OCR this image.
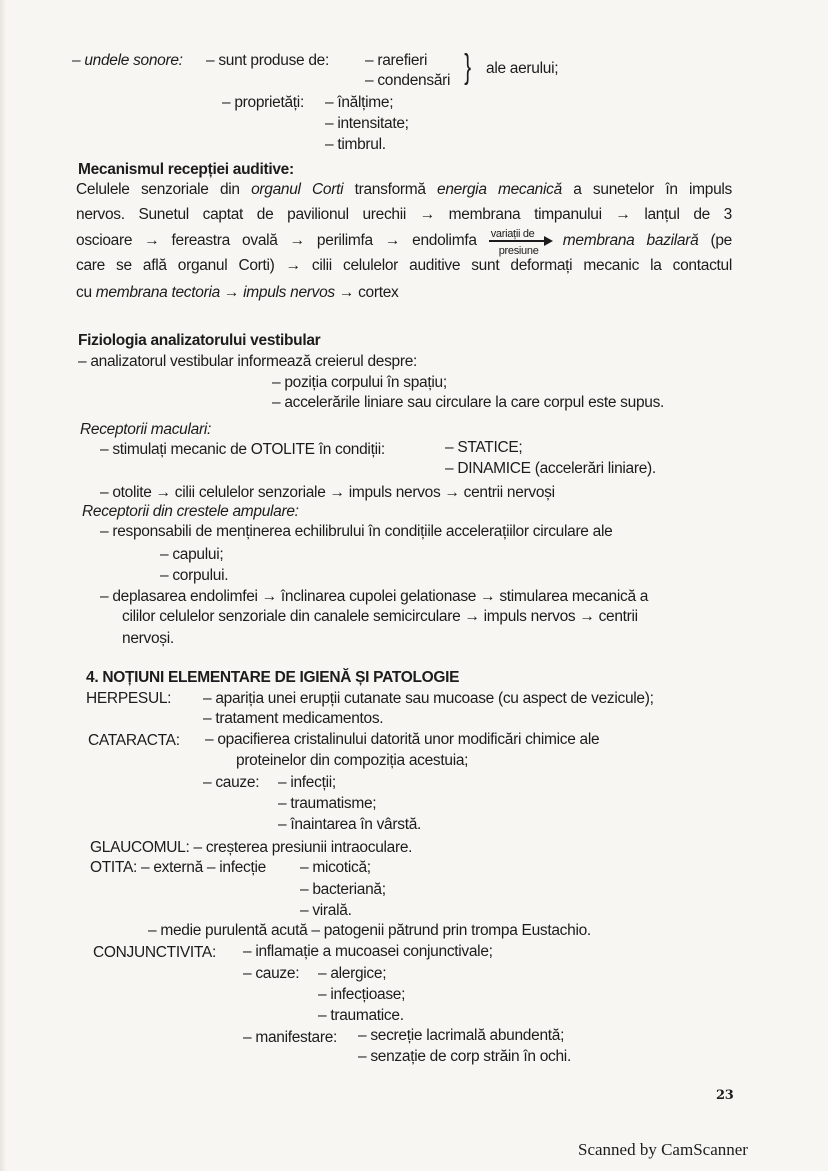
– undele sonore: – sunt produse de: – rarefieri
– condensări } ale aerului;
– proprietăți: – înălțime;
– intensitate;
– timbrul.
Mecanismul recepției auditive:
Celulele senzoriale din organul Corti transformă energia mecanică a sunetelor în impuls
nervos. Sunetul captat de pavilionul urechii → membrana timpanului → lanțul de 3
oscioare → fereastra ovală → perilimfa → endolimfa $\frac{\text{variații de}}{\text{presiune}}$ membrana bazilară (pe
care se află organul Corti) → cilii celulelor auditive sunt deformați mecanic la contactul
cu membrana tectoria → impuls nervos → cortex
Fiziologia analizatorului vestibular
– analizatorul vestibular informează creierul despre:
– poziția corpului în spațiu;
– accelerările liniare sau circulare la care corpul este supus.
Receptorii maculari:
– stimulați mecanic de OTOLITE în condiții:	– STATICE;
– DINAMICE (accelerări liniare).
– otolite → cilii celulelor senzoriale → impuls nervos → centrii nervoși
Receptorii din crestele ampulare:
– responsabili de menținerea echilibrului în condițiile accelerațiilor circulare ale
– capului;
– corpului.
– deplasarea endolimfei → înclinarea cupolei gelationase → stimularea mecanică a
cililor celulelor senzoriale din canalele semicirculare → impuls nervos → centrii
nervoși.
4. NOȚIUNI ELEMENTARE DE IGIENĂ ȘI PATOLOGIE
HERPESUL: – apariția unei erupții cutanate sau mucoase (cu aspect de vezicule);
– tratament medicamentos.
CATARACTA: – opacifierea cristalinului datorită unor modificări chimice ale
proteinelor din compoziția acestuia;
– cauze: – infecții;
– traumatisme;
– înaintarea în vârstă.
GLAUCOMUL: – creșterea presiunii intraoculare.
OTITA: – externă – infecție – micotică;
– bacteriană;
– virală.
– medie purulentă acută – patogenii pătrund prin trompa Eustachio.
CONJUNCTIVITA: – inflamație a mucoasei conjunctivale;
– cauze: – alergice;
– infecțioase;
– traumatice.
– manifestare: – secreție lacrimală abundentă;
– senzație de corp străin în ochi.
23
Scanned by CamScanner
